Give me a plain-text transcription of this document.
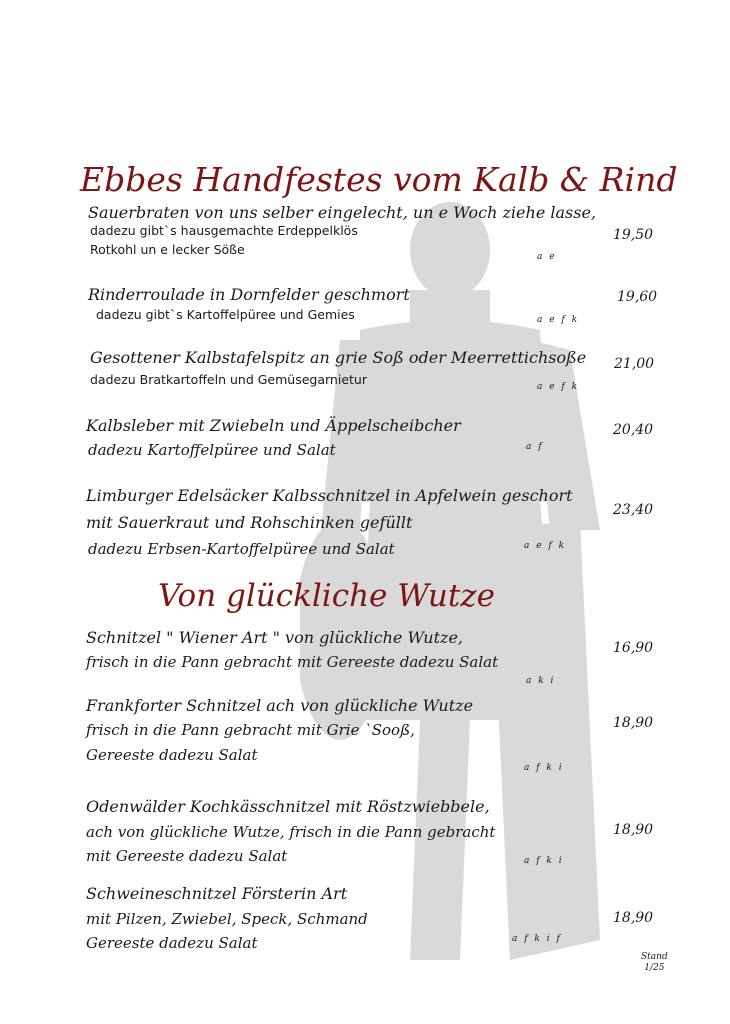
Ebbes Handfestes vom Kalb & Rind
Sauerbraten von uns selber eingelecht, un e Woch ziehe lasse,
dadezu gibt`s hausgemachte Erdeppelklös
Rotkohl un e lecker Söße
19,50
a e
Rinderroulade in Dornfelder geschmort
dadezu gibt`s Kartoffelpüree und Gemies
19,60
a e f k
Gesottener Kalbstafelspitz an grie Soß oder Meerrettichsoße
dadezu Bratkartoffeln und Gemüsegarnietur
21,00
a e f k
Kalbsleber mit Zwiebeln und Äppelscheibcher
dadezu Kartoffelpüree und Salat
20,40
a f
Limburger Edelsäcker Kalbsschnitzel in Apfelwein geschort
mit Sauerkraut und Rohschinken gefüllt
dadezu Erbsen-Kartoffelpüree und Salat
23,40
a e f k
Von glückliche Wutze
Schnitzel " Wiener Art " von glückliche Wutze,
frisch in die Pann gebracht mit Gereeste dadezu Salat
16,90
a k i
Frankforter Schnitzel ach von glückliche Wutze
frisch in die Pann gebracht mit Grie `Sooß,
Gereeste dadezu Salat
18,90
a f k i
Odenwälder Kochkässchnitzel mit Röstzwiebbele,
ach von glückliche Wutze, frisch in die Pann gebracht
mit Gereeste dadezu Salat
18,90
a f k i
Schweineschnitzel Försterin Art
mit Pilzen, Zwiebel, Speck, Schmand
Gereeste dadezu Salat
18,90
a f k i f
Stand
1/25
